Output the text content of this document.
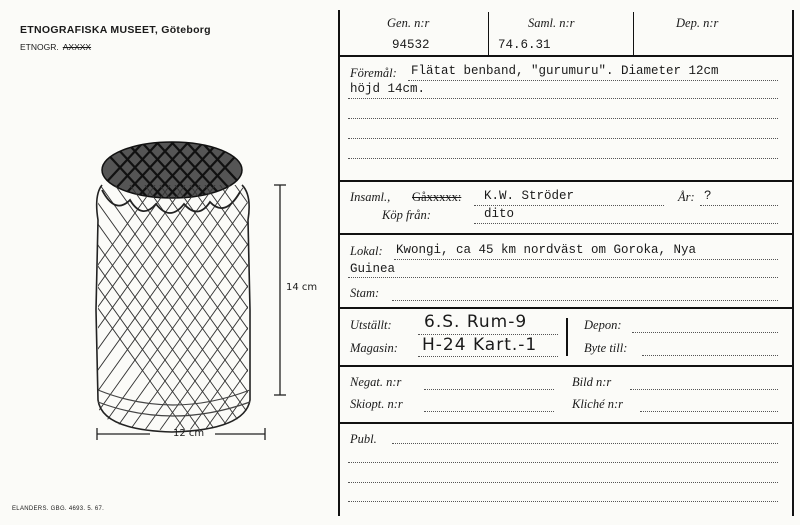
ETNOGRAFISKA MUSEET, Göteborg
ETNOGR. AXXXX
14 cm
12 cm
ELANDERS. GBG. 4693. 5. 67.
Gen. n:r
94532
Saml. n:r
74.6.31
Dep. n:r
Föremål: Flätat benband, "gurumuru". Diameter 12cm
höjd 14cm.
Insaml., Gåxxxxx: K.W. Ströder	År: ?
Köp från:	dito
Lokal: Kwongi, ca 45 km nordväst om Goroka, Nya
Guinea
Stam:
Utställt: 6.S. Rum-9
Magasin: H-24 Kart.-1
Depon:
Byte till:
Negat. n:r	Bild n:r
Skiopt. n:r	Kliché n:r
Publ.
